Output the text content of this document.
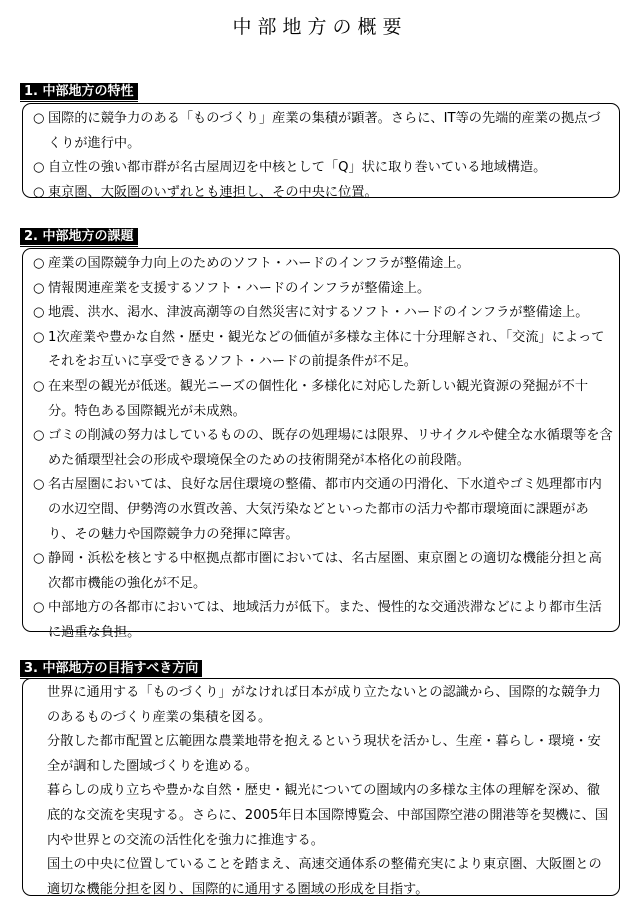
中部地方の概要
1. 中部地方の特性

○ 国際的に競争力のある「ものづくり」産業の集積が顕著。さらに、IT等の先端的産業の拠点づくりが進行中。

○ 自立性の強い都市群が名古屋周辺を中核として「Q」状に取り巻いている地域構造。

○ 東京圏、大阪圏のいずれとも連担し、その中央に位置。

2. 中部地方の課題

○ 産業の国際競争力向上のためのソフト・ハードのインフラが整備途上。

○ 情報関連産業を支援するソフト・ハードのインフラが整備途上。

○ 地震、洪水、渇水、津波高潮等の自然災害に対するソフト・ハードのインフラが整備途上。

○ 1次産業や豊かな自然・歴史・観光などの価値が多様な主体に十分理解され、「交流」によってそれをお互いに享受できるソフト・ハードの前提条件が不足。

○ 在来型の観光が低迷。観光ニーズの個性化・多様化に対応した新しい観光資源の発掘が不十分。特色ある国際観光が未成熟。

○ ゴミの削減の努力はしているものの、既存の処理場には限界、リサイクルや健全な水循環等を含めた循環型社会の形成や環境保全のための技術開発が本格化の前段階。

○ 名古屋圏においては、良好な居住環境の整備、都市内交通の円滑化、下水道やゴミ処理都市内の水辺空間、伊勢湾の水質改善、大気汚染などといった都市の活力や都市環境面に課題があり、その魅力や国際競争力の発揮に障害。

○ 静岡・浜松を核とする中枢拠点都市圏においては、名古屋圏、東京圏との適切な機能分担と高次都市機能の強化が不足。

○ 中部地方の各都市においては、地域活力が低下。また、慢性的な交通渋滞などにより都市生活に過重な負担。

3. 中部地方の目指すべき方向

世界に通用する「ものづくり」がなければ日本が成り立たないとの認識から、国際的な競争力のあるものづくり産業の集積を図る。

分散した都市配置と広範囲な農業地帯を抱えるという現状を活かし、生産・暮らし・環境・安全が調和した圏域づくりを進める。

暮らしの成り立ちや豊かな自然・歴史・観光についての圏域内の多様な主体の理解を深め、徹底的な交流を実現する。さらに、2005年日本国際博覧会、中部国際空港の開港等を契機に、国内や世界との交流の活性化を強力に推進する。

国土の中央に位置していることを踏まえ、高速交通体系の整備充実により東京圏、大阪圏との適切な機能分担を図り、国際的に通用する圏域の形成を目指す。
